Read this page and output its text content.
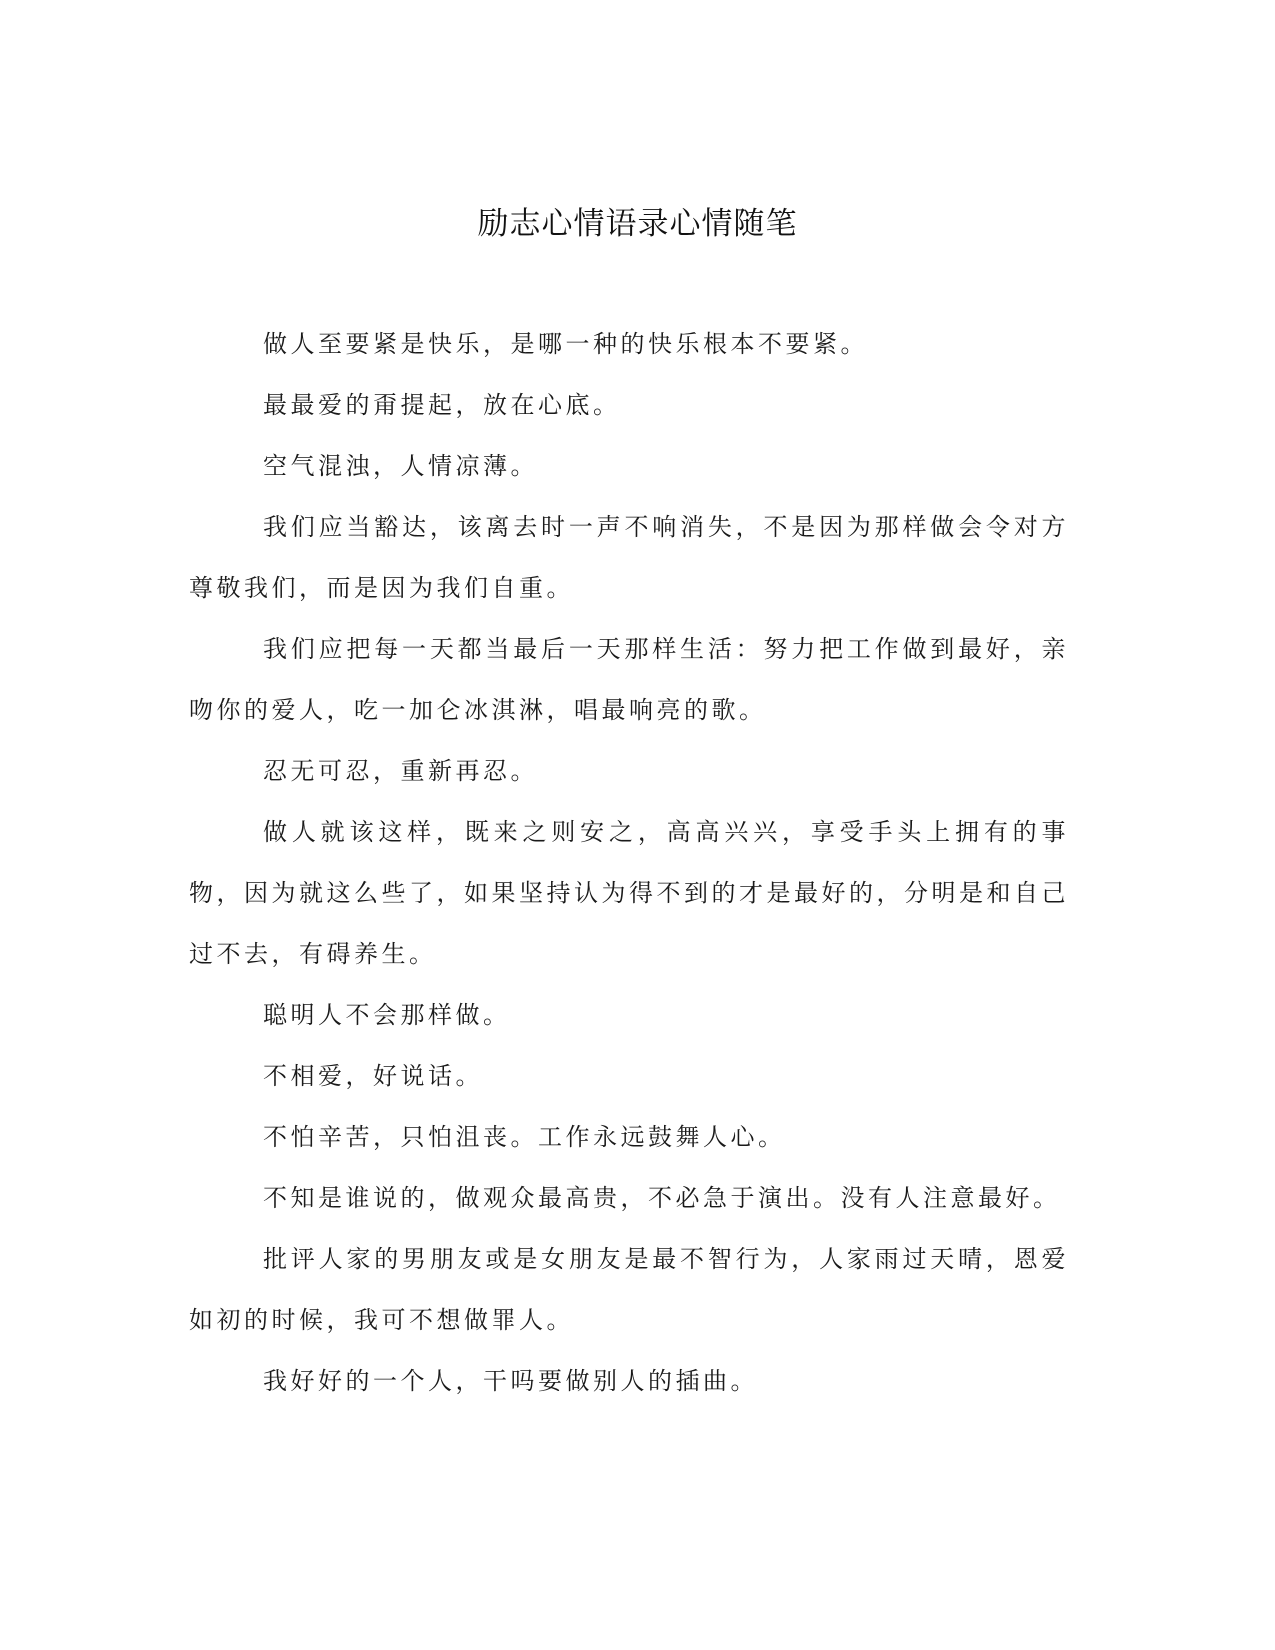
励志心情语录心情随笔

做人至要紧是快乐，是哪一种的快乐根本不要紧。

最最爱的甭提起，放在心底。

空气混浊，人情凉薄。

我们应当豁达，该离去时一声不响消失，不是因为那样做会令对方尊敬我们，而是因为我们自重。

我们应把每一天都当最后一天那样生活：努力把工作做到最好，亲吻你的爱人，吃一加仑冰淇淋，唱最响亮的歌。

忍无可忍，重新再忍。

做人就该这样，既来之则安之，高高兴兴，享受手头上拥有的事物，因为就这么些了，如果坚持认为得不到的才是最好的，分明是和自己过不去，有碍养生。

聪明人不会那样做。

不相爱，好说话。

不怕辛苦，只怕沮丧。工作永远鼓舞人心。

不知是谁说的，做观众最高贵，不必急于演出。没有人注意最好。

批评人家的男朋友或是女朋友是最不智行为，人家雨过天晴，恩爱如初的时候，我可不想做罪人。

我好好的一个人，干吗要做别人的插曲。
